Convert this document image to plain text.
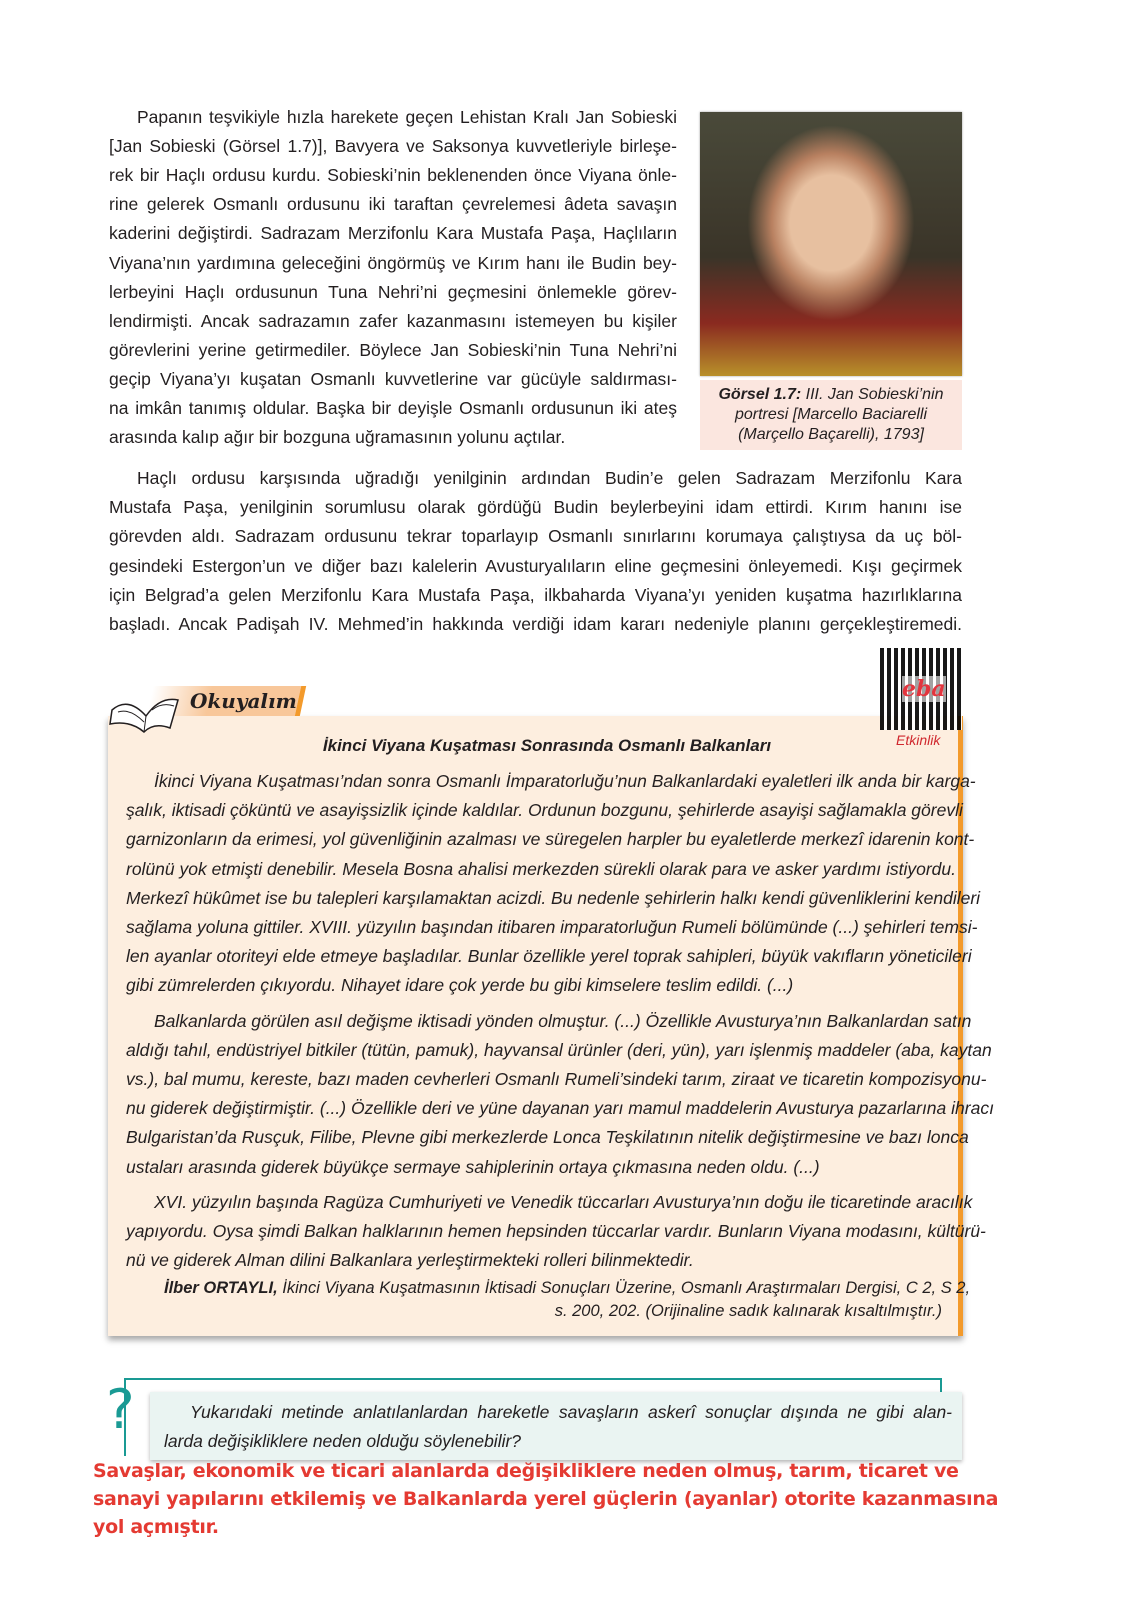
Görsel 1.7: III. Jan Sobieski’nin
portresi [Marcello Baciarelli
(Marçello Baçarelli), 1793]
Okuyalım	eba
Etkinlik
İkinci Viyana Kuşatması Sonrasında Osmanlı Balkanları
İlber ORTAYLI, İkinci Viyana Kuşatmasının İktisadi Sonuçları Üzerine, Osmanlı Araştırmaları Dergisi, C 2, S 2,
s. 200, 202. (Orijinaline sadık kalınarak kısaltılmıştır.)
?	Yukarıdaki metinde anlatılanlardan hareketle savaşların askerî sonuçlar dışında ne gibi alan-
larda değişikliklere neden olduğu söylenebilir?
Savaşlar, ekonomik ve ticari alanlarda değişikliklere neden olmuş, tarım, ticaret ve
sanayi yapılarını etkilemiş ve Balkanlarda yerel güçlerin (ayanlar) otorite kazanmasına
yol açmıştır.
Papanın teşvikiyle hızla harekete geçen Lehistan Kralı Jan Sobieski
[Jan Sobieski (Görsel 1.7)], Bavyera ve Saksonya kuvvetleriyle birleşe-
rek bir Haçlı ordusu kurdu. Sobieski’nin beklenenden önce Viyana önle-
rine gelerek Osmanlı ordusunu iki taraftan çevrelemesi âdeta savaşın
kaderini değiştirdi. Sadrazam Merzifonlu Kara Mustafa Paşa, Haçlıların
Viyana’nın yardımına geleceğini öngörmüş ve Kırım hanı ile Budin bey-
lerbeyini Haçlı ordusunun Tuna Nehri’ni geçmesini önlemekle görev-
lendirmişti. Ancak sadrazamın zafer kazanmasını istemeyen bu kişiler
görevlerini yerine getirmediler. Böylece Jan Sobieski’nin Tuna Nehri’ni
geçip Viyana’yı kuşatan Osmanlı kuvvetlerine var gücüyle saldırması-
na imkân tanımış oldular. Başka bir deyişle Osmanlı ordusunun iki ateş
arasında kalıp ağır bir bozguna uğramasının yolunu açtılar.
Haçlı ordusu karşısında uğradığı yenilginin ardından Budin’e gelen Sadrazam Merzifonlu Kara
Mustafa Paşa, yenilginin sorumlusu olarak gördüğü Budin beylerbeyini idam ettirdi. Kırım hanını ise
görevden aldı. Sadrazam ordusunu tekrar toparlayıp Osmanlı sınırlarını korumaya çalıştıysa da uç böl-
gesindeki Estergon’un ve diğer bazı kalelerin Avusturyalıların eline geçmesini önleyemedi. Kışı geçirmek
için Belgrad’a gelen Merzifonlu Kara Mustafa Paşa, ilkbaharda Viyana’yı yeniden kuşatma hazırlıklarına
başladı. Ancak Padişah IV. Mehmed’in hakkında verdiği idam kararı nedeniyle planını gerçekleştiremedi.
İkinci Viyana Kuşatması’ndan sonra Osmanlı İmparatorluğu’nun Balkanlardaki eyaletleri ilk anda bir karga-
şalık, iktisadi çöküntü ve asayişsizlik içinde kaldılar. Ordunun bozgunu, şehirlerde asayişi sağlamakla görevli
garnizonların da erimesi, yol güvenliğinin azalması ve süregelen harpler bu eyaletlerde merkezî idarenin kont-
rolünü yok etmişti denebilir. Mesela Bosna ahalisi merkezden sürekli olarak para ve asker yardımı istiyordu.
Merkezî hükûmet ise bu talepleri karşılamaktan acizdi. Bu nedenle şehirlerin halkı kendi güvenliklerini kendileri
sağlama yoluna gittiler. XVIII. yüzyılın başından itibaren imparatorluğun Rumeli bölümünde (...) şehirleri temsi-
len ayanlar otoriteyi elde etmeye başladılar. Bunlar özellikle yerel toprak sahipleri, büyük vakıfların yöneticileri
gibi zümrelerden çıkıyordu. Nihayet idare çok yerde bu gibi kimselere teslim edildi. (...)
Balkanlarda görülen asıl değişme iktisadi yönden olmuştur. (...) Özellikle Avusturya’nın Balkanlardan satın
aldığı tahıl, endüstriyel bitkiler (tütün, pamuk), hayvansal ürünler (deri, yün), yarı işlenmiş maddeler (aba, kaytan
vs.), bal mumu, kereste, bazı maden cevherleri Osmanlı Rumeli’sindeki tarım, ziraat ve ticaretin kompozisyonu-
nu giderek değiştirmiştir. (...) Özellikle deri ve yüne dayanan yarı mamul maddelerin Avusturya pazarlarına ihracı
Bulgaristan’da Rusçuk, Filibe, Plevne gibi merkezlerde Lonca Teşkilatının nitelik değiştirmesine ve bazı lonca
ustaları arasında giderek büyükçe sermaye sahiplerinin ortaya çıkmasına neden oldu. (...)
XVI. yüzyılın başında Ragüza Cumhuriyeti ve Venedik tüccarları Avusturya’nın doğu ile ticaretinde aracılık
yapıyordu. Oysa şimdi Balkan halklarının hemen hepsinden tüccarlar vardır. Bunların Viyana modasını, kültürü-
nü ve giderek Alman dilini Balkanlara yerleştirmekteki rolleri bilinmektedir.
